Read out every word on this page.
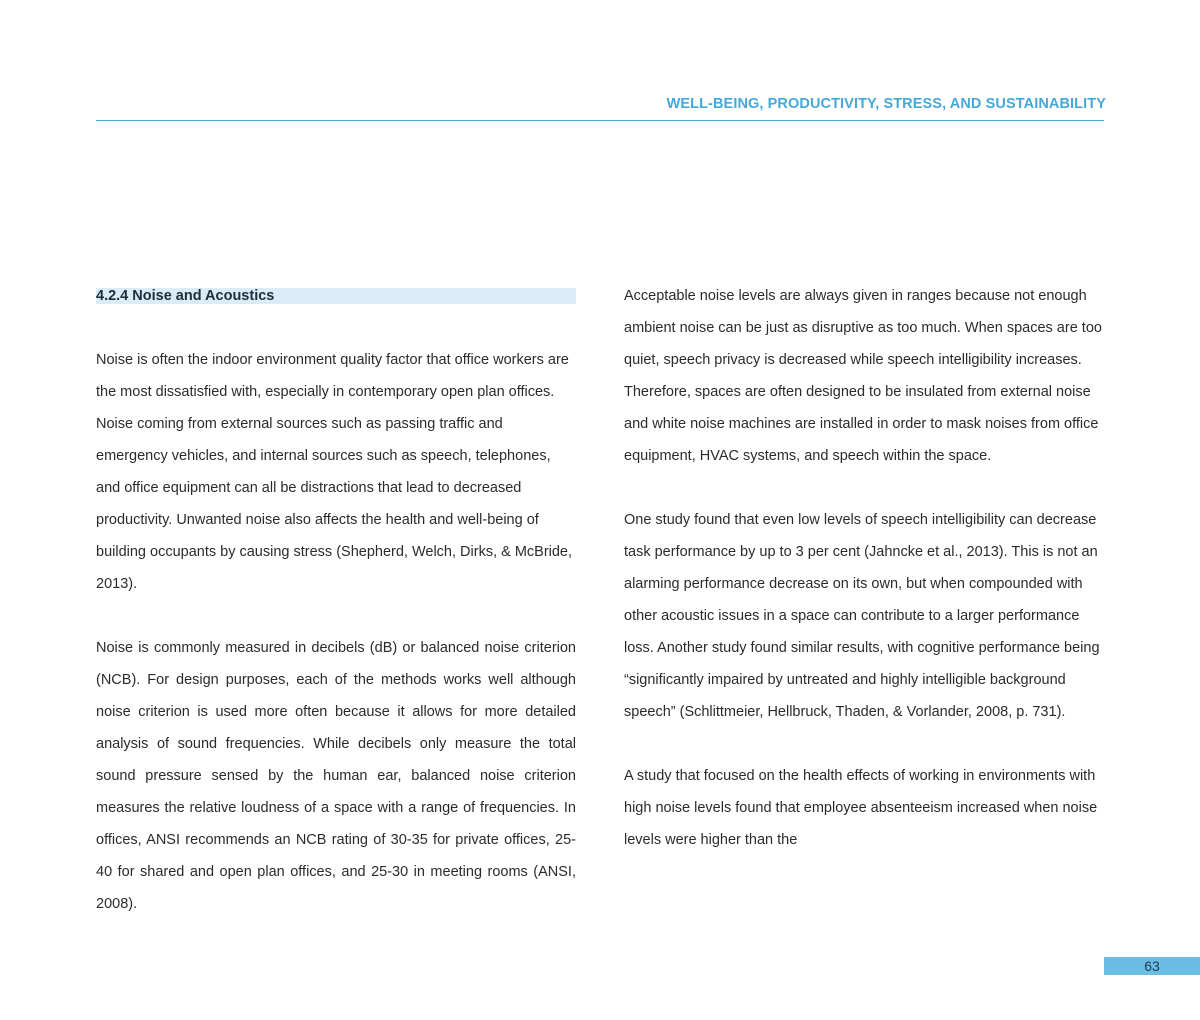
WELL-BEING, PRODUCTIVITY, STRESS, AND SUSTAINABILITY
4.2.4 Noise and Acoustics

Noise is often the indoor environment quality factor that office workers are the most dissatisfied with, especially in contemporary open plan offices. Noise coming from external sources such as passing traffic and emergency vehicles, and internal sources such as speech, telephones, and office equipment can all be distractions that lead to decreased productivity. Unwanted noise also affects the health and well-being of building occupants by causing stress (Shepherd, Welch, Dirks, & McBride, 2013).

Noise is commonly measured in decibels (dB) or balanced noise criterion (NCB). For design purposes, each of the methods works well although noise criterion is used more often because it allows for more detailed analysis of sound frequencies. While decibels only measure the total sound pressure sensed by the human ear, balanced noise criterion measures the relative loudness of a space with a range of frequencies. In offices, ANSI recommends an NCB rating of 30-35 for private offices, 25-40 for shared and open plan offices, and 25-30 in meeting rooms (ANSI, 2008).

Acceptable noise levels are always given in ranges because not enough ambient noise can be just as disruptive as too much. When spaces are too quiet, speech privacy is decreased while speech intelligibility increases. Therefore, spaces are often designed to be insulated from external noise and white noise machines are installed in order to mask noises from office equipment, HVAC systems, and speech within the space.

One study found that even low levels of speech intelligibility can decrease task performance by up to 3 per cent (Jahncke et al., 2013). This is not an alarming performance decrease on its own, but when compounded with other acoustic issues in a space can contribute to a larger performance loss. Another study found similar results, with cognitive performance being “significantly impaired by untreated and highly intelligible background speech” (Schlittmeier, Hellbruck, Thaden, & Vorlander, 2008, p. 731).

A study that focused on the health effects of working in environments with high noise levels found that employee absenteeism increased when noise levels were higher than the

63
